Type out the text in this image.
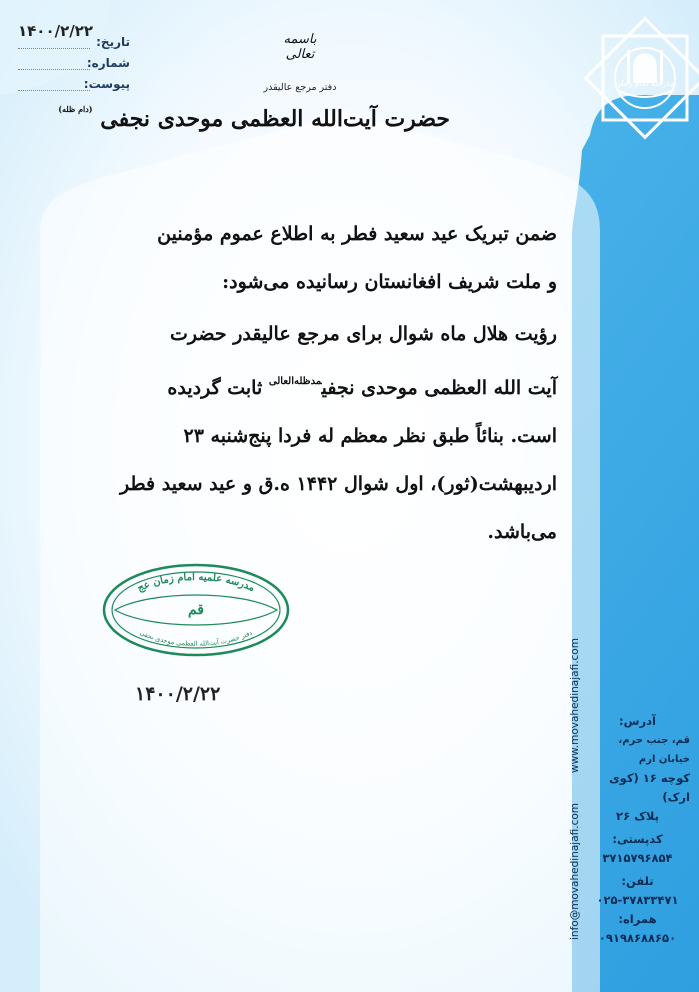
تاریخ:
شماره:
پیوست:
۱۴۰۰/۲/۲۲	باسمه تعالی
دفتر مرجع عالیقدر
حضرت آیت‌الله العظمی موحدی نجفی $^{(دام ظله)}$
حوزه
مدرسه امام زمان
ضمن تبریک عید سعید فطر به اطلاع عموم مؤمنین
و ملت شریف افغانستان رسانیده می‌شود:
رؤیت هلال ماه شوال برای مرجع عالیقدر حضرت
آیت الله العظمی موحدی نجفی$^{مدظله‌العالی}$ ثابت گردیده
است. بنائاً طبق نظر معظم له فردا پنج‌شنبه ۲۳
اردیبهشت(ثور)، اول شوال ۱۴۴۲ ه.ق و عید سعید فطر
می‌باشد.
مدرسه علمیه امام زمان عج
قم
دفتر حضرت آیت‌الله العظمی موحدی نجفی
۱۴۰۰/۲/۲۲
آدرس:
قم، جنب حرم، خیابان ارم
کوچه ۱۶ (کوی ارک)
پلاک ۲۶
کدپستی:
۳۷۱۵۷۹۶۸۵۴
تلفن:
۰۲۵-۳۷۸۳۳۴۷۱
همراه:
۰۹۱۹۸۶۸۸۶۵۰
www.movahedinajafi.com
info@movahedinajafi.com
